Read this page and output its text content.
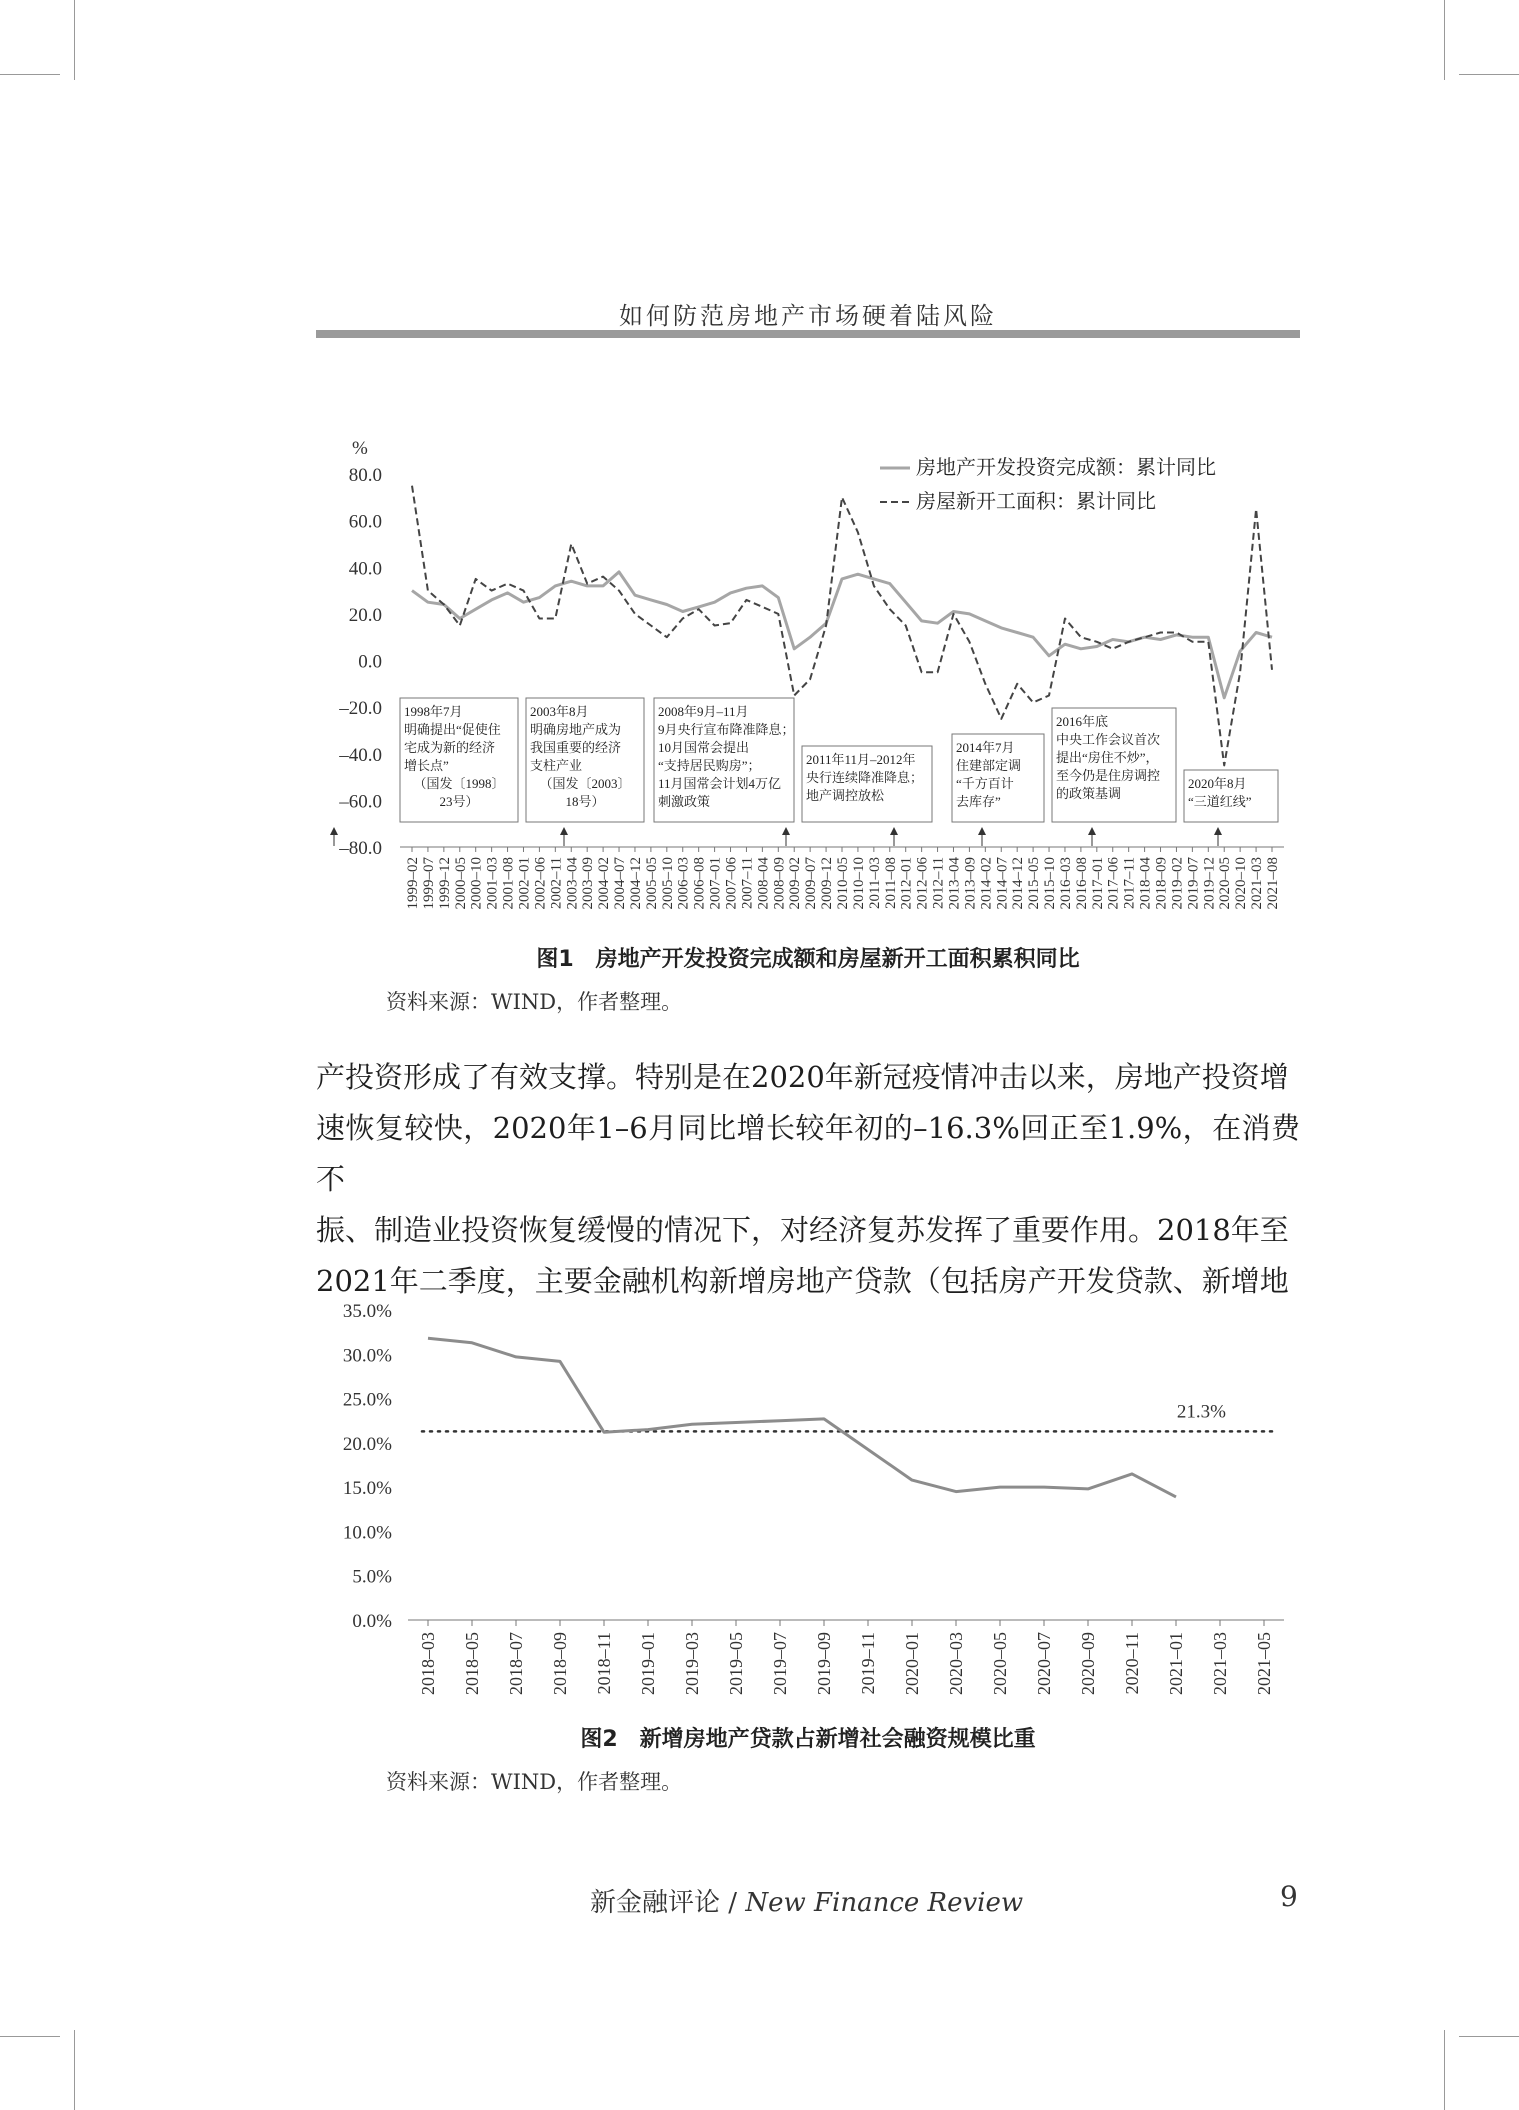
如何防范房地产市场硬着陆风险
%
80.0
60.0
40.0
20.0
0.0
–20.0
–40.0
–60.0
–80.0
1999–02 1999–07 1999–12 2000–05 2000–10 2001–03 2001–08 2002–01 2002–06 2002–11 2003–04 2003–09 2004–02 2004–07 2004–12 2005–05 2005–10 2006–03 2006–08 2007–01 2007–06 2007–11 2008–04 2008–09 2009–02 2009–07 2009–12 2010–05 2010–10 2011–03 2011–08 2012–01 2012–06 2012–11 2013–04 2013–09 2014–02 2014–07 2014–12 2015–05 2015–10 2016–03 2016–08 2017–01 2017–06 2017–11 2018–04 2018–09 2019–02 2019–07 2019–12 2020–05 2020–10 2021–03 2021–08
1998年7月
明确提出“促使住
宅成为新的经济
增长点”
（国发〔1998〕
23号）
2003年8月
明确房地产成为
我国重要的经济
支柱产业
（国发〔2003〕
18号）
2008年9月–11月
9月央行宣布降准降息；
10月国常会提出
“支持居民购房”；
11月国常会计划4万亿
刺激政策
2011年11月–2012年
央行连续降准降息；
地产调控放松
2014年7月
住建部定调
“千方百计
去库存”
2016年底
中央工作会议首次
提出“房住不炒”，
至今仍是住房调控
的政策基调
2020年8月
“三道红线”
房地产开发投资完成额：累计同比
房屋新开工面积：累计同比
图1　房地产开发投资完成额和房屋新开工面积累积同比
资料来源：WIND，作者整理。
产投资形成了有效支撑。特别是在2020年新冠疫情冲击以来，房地产投资增
速恢复较快，2020年1–6月同比增长较年初的–16.3%回正至1.9%，在消费不
振、制造业投资恢复缓慢的情况下，对经济复苏发挥了重要作用。2018年至
2021年二季度，主要金融机构新增房地产贷款（包括房产开发贷款、新增地
35.0%
30.0%
25.0%
20.0%
15.0%
10.0%
5.0%
0.0%
2018–03 2018–05 2018–07 2018–09 2018–11 2019–01 2019–03 2019–05 2019–07 2019–09 2019–11 2020–01 2020–03 2020–05 2020–07 2020–09 2020–11 2021–01 2021–03 2021–05
21.3%
图2　新增房地产贷款占新增社会融资规模比重
资料来源：WIND，作者整理。
新金融评论 / New Finance Review	9
